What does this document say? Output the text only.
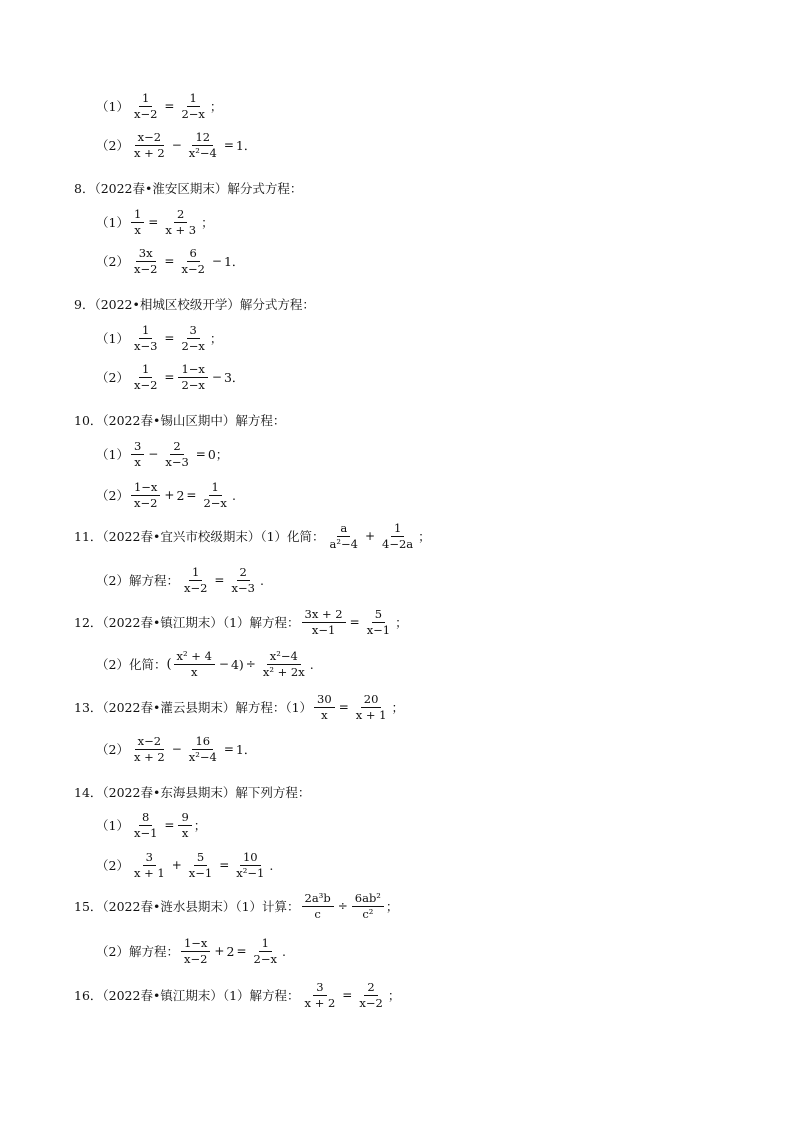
$(1) \frac{1}{x-2} = \frac{1}{2-x}$ ；
$(2) \frac{x-2}{x + 2} - \frac{12}{\text{x²−4}} = 1$．
8．（2022春•淮安区期末）解分式方程：
$(1) \frac{1}{x} = \frac{2}{x + 3}$ ；
$(2) \frac{3x}{x-2} = \frac{6}{x-2} - 1$．
9．（2022•相城区校级开学）解分式方程：
$(1) \frac{1}{x-3} = \frac{3}{2-x}$ ；
$(2) \frac{1}{x-2} = \frac{1-x}{2-x} - 3$．
10．（2022春•锡山区期中）解方程：
$(1) \frac{3}{x} - \frac{2}{x-3} = 0$；
$(2) \frac{1-x}{x-2} + 2 = \frac{1}{2-x}$ .
11．（2022春•宜兴市校级期末）（1）化简： $\frac{a}{\text{a²−4}} + \frac{1}{4-2a}$ ；
（2）解方程： $\frac{1}{x-2} = \frac{2}{x-3}$ .
12．（2022春•镇江期末）（1）解方程： $\frac{3x + 2}{x-1} = \frac{5}{x-1}$ ；
（2）化简： ( $\frac{\text{x² + 4}}{x} - 4) \div \frac{\text{x²−4}}{\text{x² + 2x}}$ .
13．（2022春•灌云县期末）解方程：$(1) \frac{30}{x} = \frac{20}{x + 1}$ ；
$(2) \frac{x-2}{x + 2} - \frac{16}{\text{x²−4}} = 1$．
14．（2022春•东海县期末）解下列方程：
$(1) \frac{8}{x-1} = \frac{9}{x}$ ；
$(2) \frac{3}{x + 1} + \frac{5}{x-1} = \frac{10}{\text{x²−1}}$ .
15．（2022春•涟水县期末）（1）计算： $\frac{\text{2a³b}}{c} \div \frac{\text{6ab²}}{\text{c²}}$ ；
（2）解方程： $\frac{1-x}{x-2} + 2 = \frac{1}{2-x}$ .
16．（2022春•镇江期末）（1）解方程： $\frac{3}{x + 2} = \frac{2}{x-2}$ ；
